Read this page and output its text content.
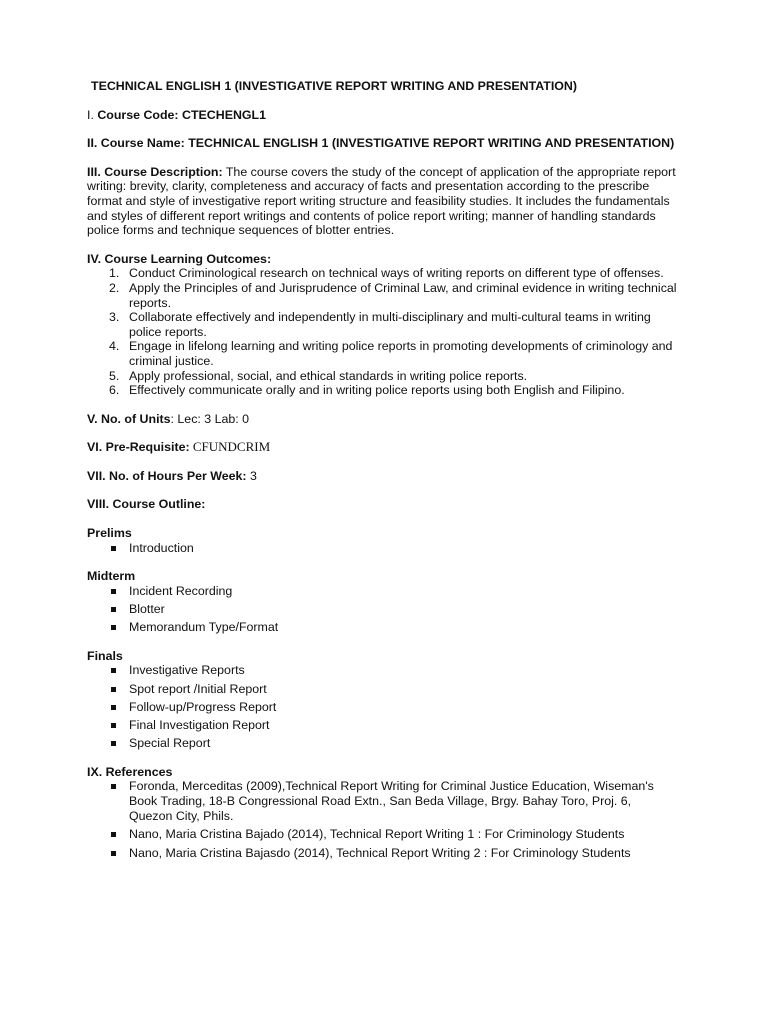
TECHNICAL ENGLISH 1 (INVESTIGATIVE REPORT WRITING AND PRESENTATION)
I. Course Code: CTECHENGL1
II. Course Name: TECHNICAL ENGLISH 1 (INVESTIGATIVE REPORT WRITING AND PRESENTATION)
III. Course Description: The course covers the study of the concept of application of the appropriate report writing: brevity, clarity, completeness and accuracy of facts and presentation according to the prescribe format and style of investigative report writing structure and feasibility studies. It includes the fundamentals and styles of different report writings and contents of police report writing; manner of handling standards police forms and technique sequences of blotter entries.
IV. Course Learning Outcomes:
1. Conduct Criminological research on technical ways of writing reports on different type of offenses.
2. Apply the Principles of and Jurisprudence of Criminal Law, and criminal evidence in writing technical reports.
3. Collaborate effectively and independently in multi-disciplinary and multi-cultural teams in writing police reports.
4. Engage in lifelong learning and writing police reports in promoting developments of criminology and criminal justice.
5. Apply professional, social, and ethical standards in writing police reports.
6. Effectively communicate orally and in writing police reports using both English and Filipino.
V. No. of Units: Lec: 3 Lab: 0
VI. Pre-Requisite: CFUNDCRIM
VII. No. of Hours Per Week: 3
VIII. Course Outline:
Prelims
Introduction
Midterm
Incident Recording
Blotter
Memorandum Type/Format
Finals
Investigative Reports
Spot report /Initial Report
Follow-up/Progress Report
Final Investigation Report
Special Report
IX. References
Foronda, Merceditas (2009),Technical Report Writing for Criminal Justice Education, Wiseman's Book Trading, 18-B Congressional Road Extn., San Beda Village, Brgy. Bahay Toro, Proj. 6, Quezon City, Phils.
Nano, Maria Cristina Bajado (2014), Technical Report Writing 1 : For Criminology Students
Nano, Maria Cristina Bajasdo (2014), Technical Report Writing 2 : For Criminology Students
